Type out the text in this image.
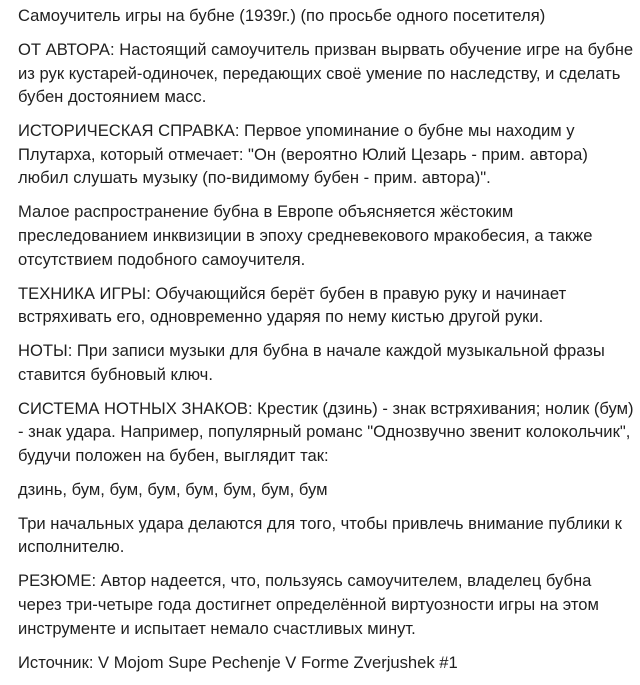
Самоучитель игры на бубне (1939г.) (по просьбе одного посетителя)

ОТ АВТОРА: Настоящий самоучитель призван вырвать обучение игре на бубне из рук кустарей-одиночек, передающих своё умение по наследству, и сделать бубен достоянием масс.

ИСТОРИЧЕСКАЯ СПРАВКА: Первое упоминание о бубне мы находим у Плутарха, который отмечает: "Он (вероятно Юлий Цезарь - прим. автора) любил слушать музыку (по-видимому бубен - прим. автора)".

Малое распространение бубна в Европе объясняется жёстоким преследованием инквизиции в эпоху средневекового мракобесия, а также отсутствием подобного самоучителя.

ТЕХНИКА ИГРЫ: Обучающийся берёт бубен в правую руку и начинает встряхивать его, одновременно ударяя по нему кистью другой руки.

НОТЫ: При записи музыки для бубна в начале каждой музыкальной фразы ставится бубновый ключ.

СИСТЕМА НОТНЫХ ЗНАКОВ: Крестик (дзинь) - знак встряхивания; нолик (бум) - знак удара. Например, популярный романс "Однозвучно звенит колокольчик", будучи положен на бубен, выглядит так:

дзинь, бум, бум, бум, бум, бум, бум, бум

Три начальных удара делаются для того, чтобы привлечь внимание публики к исполнителю.

РЕЗЮМЕ: Автор надеется, что, пользуясь самоучителем, владелец бубна через три-четыре года достигнет определённой виртуозности игры на этом инструменте и испытает немало счастливых минут.

Источник: V Mojom Supe Pechenje V Forme Zverjushek #1
